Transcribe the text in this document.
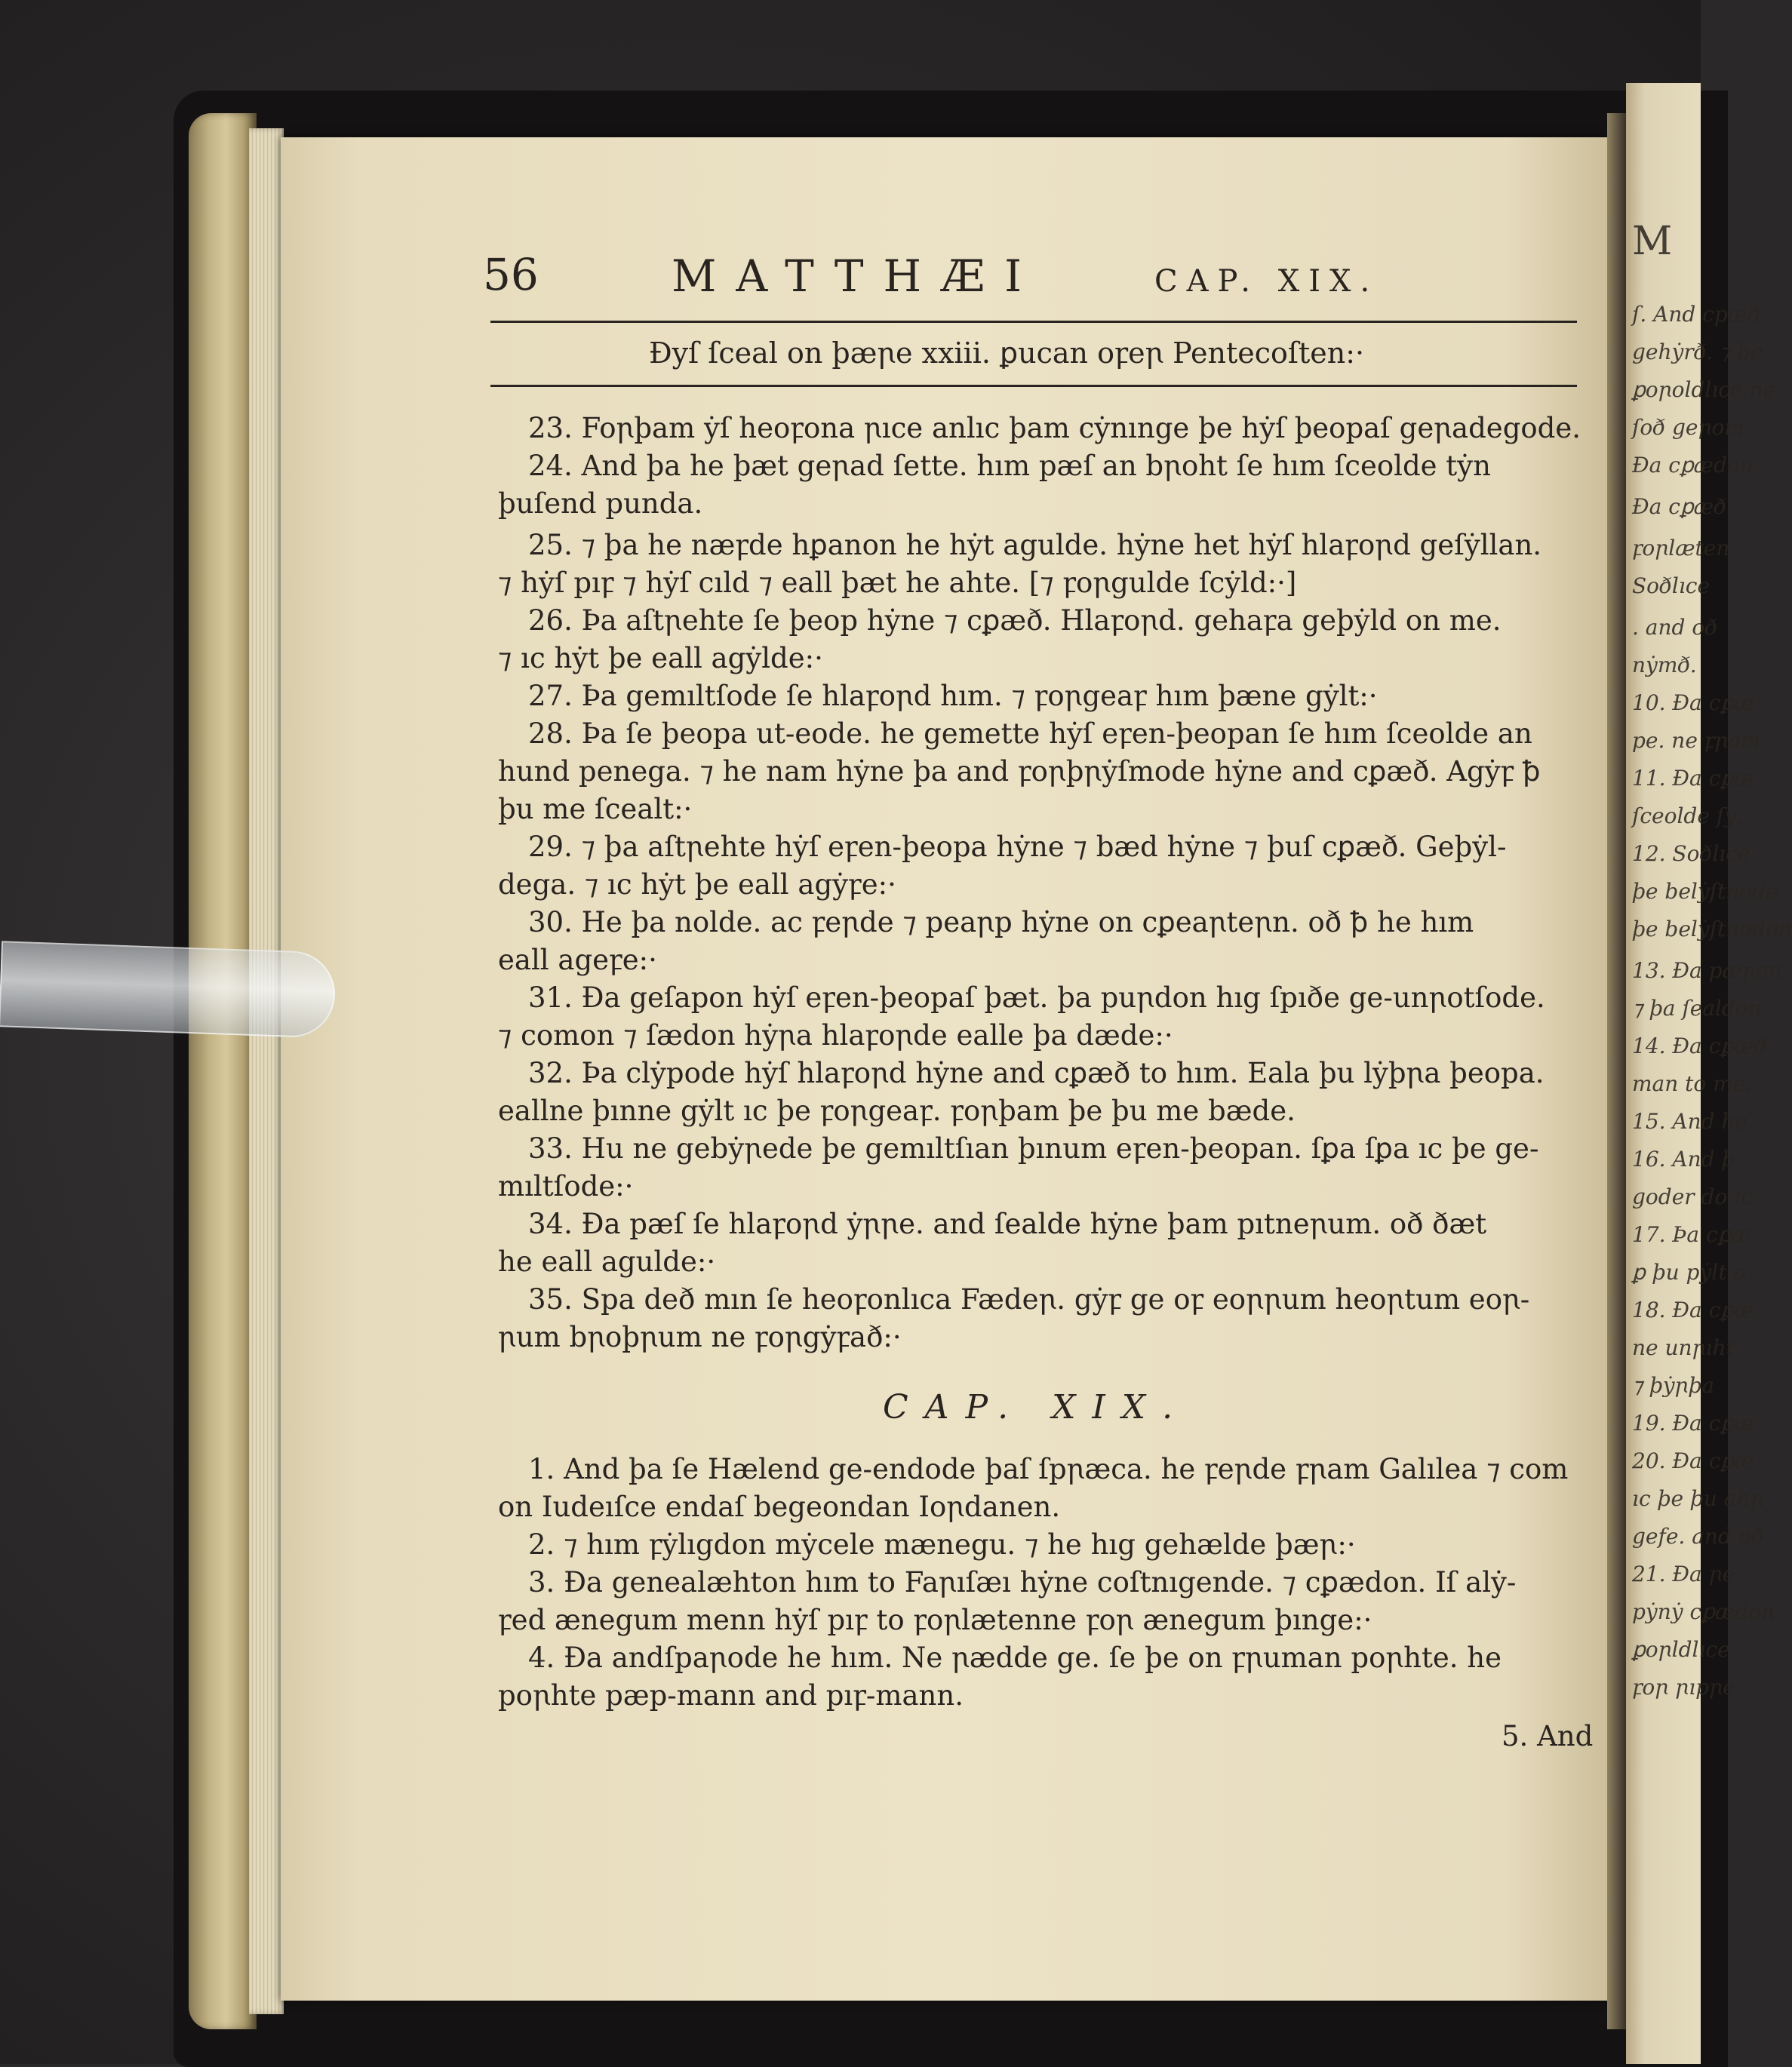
56	MATTHÆI	CAP. XIX.
Ðyſ ſceal on þæꞃe xxiii. ꝑucan oꝼeꞃ Pentecoſten:·
23. Foꞃþam ẏſ heoꝼona ꞃıce anlıc þam cẏnınge þe hẏſ þeopaſ geꞃadegode.
24. And þa he þæt geꞃad ſette. hım pæſ an bꞃoht ſe hım ſceolde tẏn
þuſend punda.
25. ⁊ þa he næꝼde hꝑanon he hẏt agulde. hẏne het hẏſ hlaꝼoꞃd geſẏllan.
⁊ hẏſ pıꝼ ⁊ hẏſ cıld ⁊ eall þæt he ahte. [⁊ ꝼoꞃgulde ſcẏld:·]
26. Þa aſtꞃehte ſe þeop hẏne ⁊ cꝑæð. Hlaꝼoꞃd. gehaꝼa geþẏld on me.
⁊ ıc hẏt þe eall agẏlde:·
27. Þa gemıltſode ſe hlaꝼoꞃd hım. ⁊ ꝼoꞃgeaꝼ hım þæne gẏlt:·
28. Þa ſe þeopa ut-eode. he gemette hẏſ eꝼen-þeopan ſe hım ſceolde an
hund penega. ⁊ he nam hẏne þa and ꝼoꞃþꞃẏſmode hẏne and cꝑæð. Agẏꝼ ꝥ
þu me ſcealt:·
29. ⁊ þa aſtꞃehte hẏſ eꝼen-þeopa hẏne ⁊ bæd hẏne ⁊ þuſ cꝑæð. Geþẏl-
dega. ⁊ ıc hẏt þe eall agẏꝼe:·
30. He þa nolde. ac ꝼeꞃde ⁊ peaꞃp hẏne on cꝑeaꞃteꞃn. oð ꝥ he hım
eall ageꝼe:·
31. Ða geſapon hẏſ eꝼen-þeopaſ þæt. þa puꞃdon hıg ſpıðe ge-unꞃotſode.
⁊ comon ⁊ ſædon hẏꞃa hlaꝼoꞃde ealle þa dæde:·
32. Þa clẏpode hẏſ hlaꝼoꞃd hẏne and cꝑæð to hım. Eala þu lẏþꞃa þeopa.
eallne þınne gẏlt ıc þe ꝼoꞃgeaꝼ. ꝼoꞃþam þe þu me bæde.
33. Hu ne gebẏꞃede þe gemıltſıan þınum eꝼen-þeopan. ſꝑa ſꝑa ıc þe ge-
mıltſode:·
34. Ða pæſ ſe hlaꝼoꞃd ẏꞃꞃe. and ſealde hẏne þam pıtneꞃum. oð ðæt
he eall agulde:·
35. Spa deð mın ſe heoꝼonlıca Fædeꞃ. gẏꝼ ge oꝼ eoꞃꞃum heoꞃtum eoꞃ-
ꞃum bꞃoþꞃum ne ꝼoꞃgẏꝼað:·
CAP. XIX.
1. And þa ſe Hælend ge-endode þaſ ſpꞃæca. he ꝼeꞃde ꝼꞃam Galılea ⁊ com
on Iudeıſce endaſ begeondan Ioꞃdanen.
2. ⁊ hım ꝼẏlıgdon mẏcele mænegu. ⁊ he hıg gehælde þæꞃ:·
3. Ða genealæhton hım to Faꞃıſæı hẏne coſtnıgende. ⁊ cꝑædon. Iſ alẏ-
ꝼed ænegum menn hẏſ pıꝼ to ꝼoꞃlætenne ꝼoꞃ ænegum þınge:·
4. Ða andſpaꞃode he hım. Ne ꞃædde ge. ſe þe on ꝼꞃuman poꞃhte. he
poꞃhte pæp-mann and pıꝼ-mann.
5. And
M
ſ. And cpæð.
gehẏrð. ⁊ be
ꝑoꞃoldlıce ne
ſoð geꞃom
Ða cꝑædon
Ða cꝑæð
ꝼoꞃlæten
Soðlıce
. and oð
nẏmð.
10. Ða cꝑæ
pe. ne ꝼꞃam
11. Ða cꝑæ
ſceolde ſẏ.
12. Soðlıce
þe belẏſtnode
þe belẏſtnodon
13. Ða pæꞃon
⁊ þa ſealdon
14. Ða cꝑæð
man to me.
15. And he
16. And þ
goder do ıc
17. Þa cꝑæ
ꝑ þu pẏlt o
18. Ða cꝑæ
ne unꞃıht
⁊ þẏꞃþa
19. Ða cꝑæ
20. Ða cꝑæ
ıc þe þu ahꞃ
gefe. and oð
21. Ða ꞃe
pẏnẏ cꝑædon
ꝑoꞃldlıce
ꝼoꞃ ꞃıpꞃe
